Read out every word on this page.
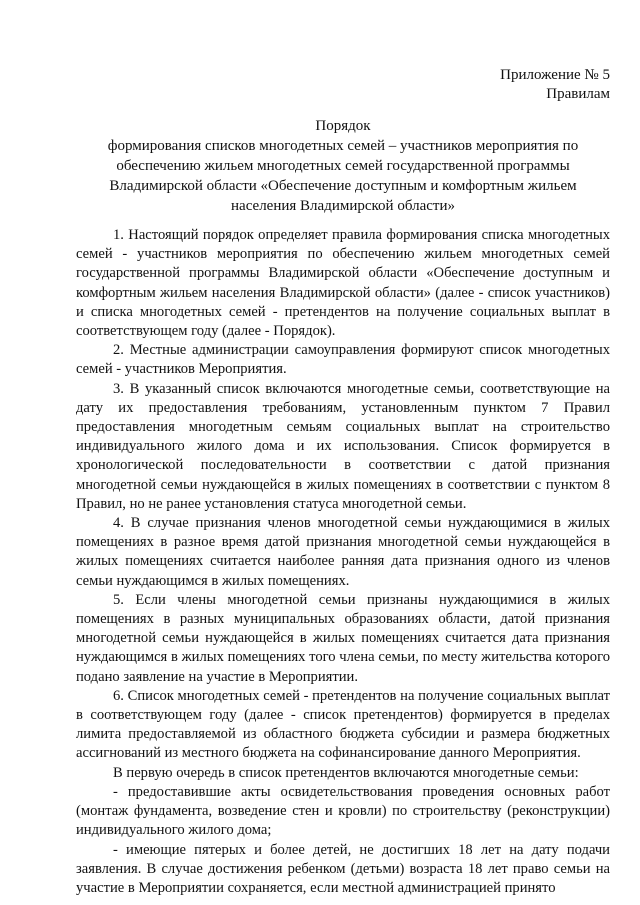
Приложение № 5
Правилам
Порядок
формирования списков многодетных семей – участников мероприятия по
обеспечению жильем многодетных семей государственной программы
Владимирской области «Обеспечение доступным и комфортным жильем
населения Владимирской области»

1. Настоящий порядок определяет правила формирования списка многодетных семей - участников мероприятия по обеспечению жильем многодетных семей государственной программы Владимирской области «Обеспечение доступным и комфортным жильем населения Владимирской области» (далее - список участников) и списка многодетных семей - претендентов на получение социальных выплат в соответствующем году (далее - Порядок).

2. Местные администрации самоуправления формируют список многодетных семей - участников Мероприятия.

3. В указанный список включаются многодетные семьи, соответствующие на дату их предоставления требованиям, установленным пунктом 7 Правил предоставления многодетным семьям социальных выплат на строительство индивидуального жилого дома и их использования. Список формируется в хронологической последовательности в соответствии с датой признания многодетной семьи нуждающейся в жилых помещениях в соответствии с пунктом 8 Правил, но не ранее установления статуса многодетной семьи.

4. В случае признания членов многодетной семьи нуждающимися в жилых помещениях в разное время датой признания многодетной семьи нуждающейся в жилых помещениях считается наиболее ранняя дата признания одного из членов семьи нуждающимся в жилых помещениях.

5. Если члены многодетной семьи признаны нуждающимися в жилых помещениях в разных муниципальных образованиях области, датой признания многодетной семьи нуждающейся в жилых помещениях считается дата признания нуждающимся в жилых помещениях того члена семьи, по месту жительства которого подано заявление на участие в Мероприятии.

6. Список многодетных семей - претендентов на получение социальных выплат в соответствующем году (далее - список претендентов) формируется в пределах лимита предоставляемой из областного бюджета субсидии и размера бюджетных ассигнований из местного бюджета на софинансирование данного Мероприятия.

В первую очередь в список претендентов включаются многодетные семьи:

- предоставившие акты освидетельствования проведения основных работ (монтаж фундамента, возведение стен и кровли) по строительству (реконструкции) индивидуального жилого дома;

- имеющие пятерых и более детей, не достигших 18 лет на дату подачи заявления. В случае достижения ребенком (детьми) возраста 18 лет право семьи на участие в Мероприятии сохраняется, если местной администрацией принято
